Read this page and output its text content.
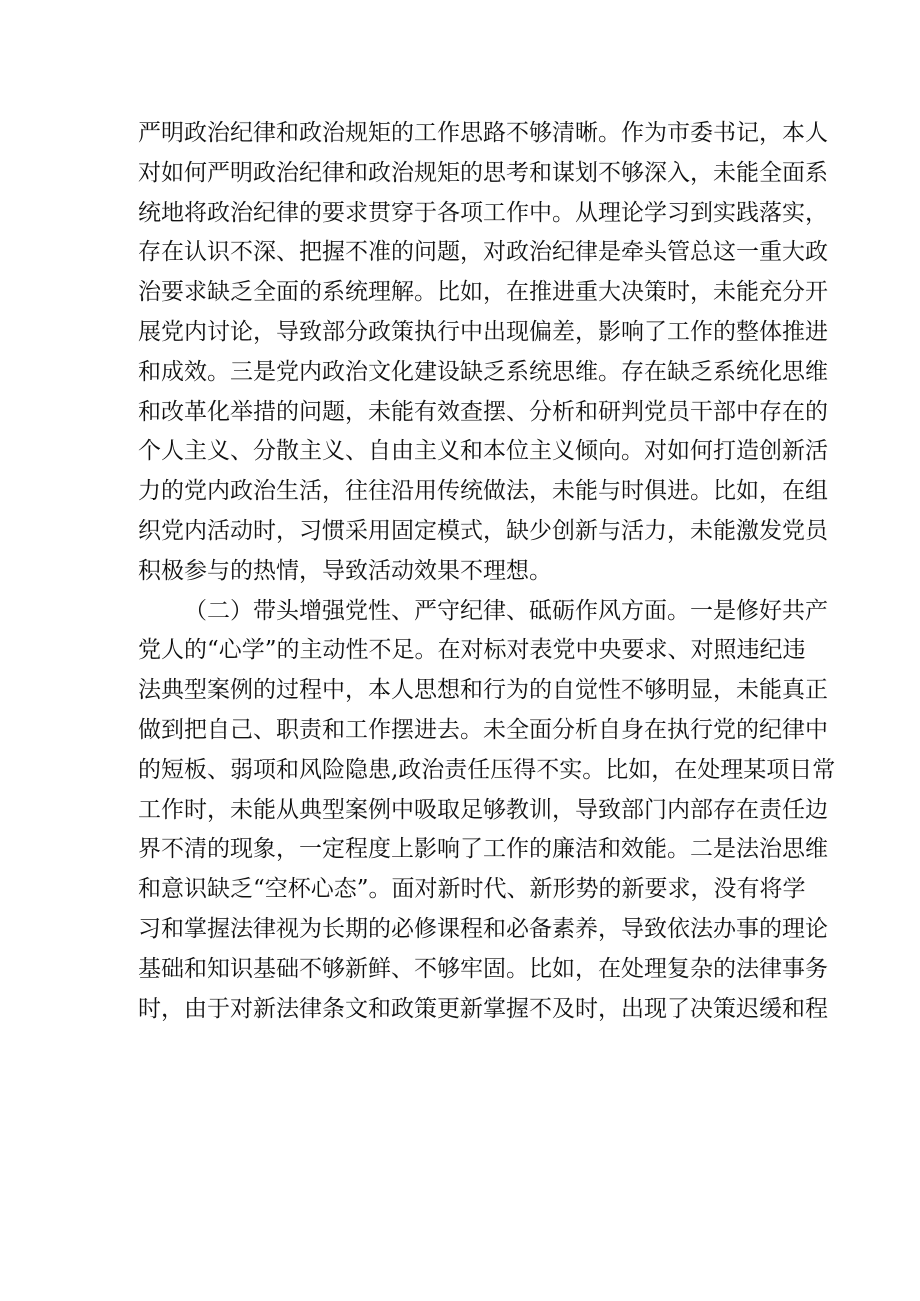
严明政治纪律和政治规矩的工作思路不够清晰。作为市委书记，本人
对如何严明政治纪律和政治规矩的思考和谋划不够深入，未能全面系
统地将政治纪律的要求贯穿于各项工作中。从理论学习到实践落实，
存在认识不深、把握不准的问题，对政治纪律是牵头管总这一重大政
治要求缺乏全面的系统理解。比如，在推进重大决策时，未能充分开
展党内讨论，导致部分政策执行中出现偏差，影响了工作的整体推进
和成效。三是党内政治文化建设缺乏系统思维。存在缺乏系统化思维
和改革化举措的问题，未能有效查摆、分析和研判党员干部中存在的
个人主义、分散主义、自由主义和本位主义倾向。对如何打造创新活
力的党内政治生活，往往沿用传统做法，未能与时俱进。比如，在组
织党内活动时，习惯采用固定模式，缺少创新与活力，未能激发党员
积极参与的热情，导致活动效果不理想。
（二）带头增强党性、严守纪律、砥砺作风方面。一是修好共产
党人的“心学”的主动性不足。在对标对表党中央要求、对照违纪违
法典型案例的过程中，本人思想和行为的自觉性不够明显，未能真正
做到把自己、职责和工作摆进去。未全面分析自身在执行党的纪律中
的短板、弱项和风险隐患,政治责任压得不实。比如，在处理某项日常
工作时，未能从典型案例中吸取足够教训，导致部门内部存在责任边
界不清的现象，一定程度上影响了工作的廉洁和效能。二是法治思维
和意识缺乏“空杯心态”。面对新时代、新形势的新要求，没有将学
习和掌握法律视为长期的必修课程和必备素养，导致依法办事的理论
基础和知识基础不够新鲜、不够牢固。比如，在处理复杂的法律事务
时，由于对新法律条文和政策更新掌握不及时，出现了决策迟缓和程
